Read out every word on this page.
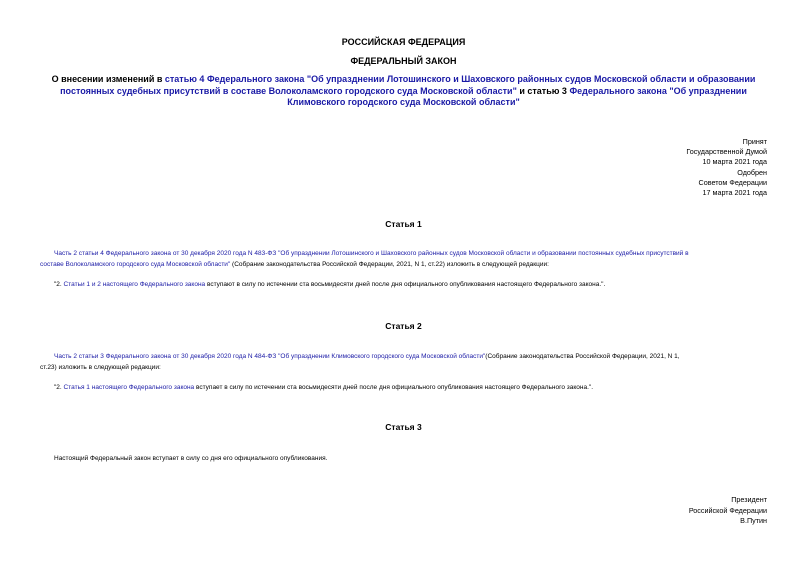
РОССИЙСКАЯ ФЕДЕРАЦИЯ
ФЕДЕРАЛЬНЫЙ ЗАКОН
О внесении изменений в статью 4 Федерального закона "Об упразднении Лотошинского и Шаховского районных судов Московской области и образовании
постоянных судебных присутствий в составе Волоколамского городского суда Московской области" и статью 3 Федерального закона "Об упразднении
Климовского городского суда Московской области"
Принят
Государственной Думой
10 марта 2021 года
Одобрен
Советом Федерации
17 марта 2021 года
Статья 1
Часть 2 статьи 4 Федерального закона от 30 декабря 2020 года N 483-ФЗ "Об упразднении Лотошинского и Шаховского районных судов Московской области и образовании постоянных судебных присутствий в
составе Волоколамского городского суда Московской области" (Собрание законодательства Российской Федерации, 2021, N 1, ст.22) изложить в следующей редакции:
"2. Статьи 1 и 2 настоящего Федерального закона вступают в силу по истечении ста восьмидесяти дней после дня официального опубликования настоящего Федерального закона.".
Статья 2
Часть 2 статьи 3 Федерального закона от 30 декабря 2020 года N 484-ФЗ "Об упразднении Климовского городского суда Московской области"(Собрание законодательства Российской Федерации, 2021, N 1,
ст.23) изложить в следующей редакции:
"2. Статья 1 настоящего Федерального закона вступает в силу по истечении ста восьмидесяти дней после дня официального опубликования настоящего Федерального закона.".
Статья 3
Настоящий Федеральный закон вступает в силу со дня его официального опубликования.
Президент
Российской Федерации
В.Путин
